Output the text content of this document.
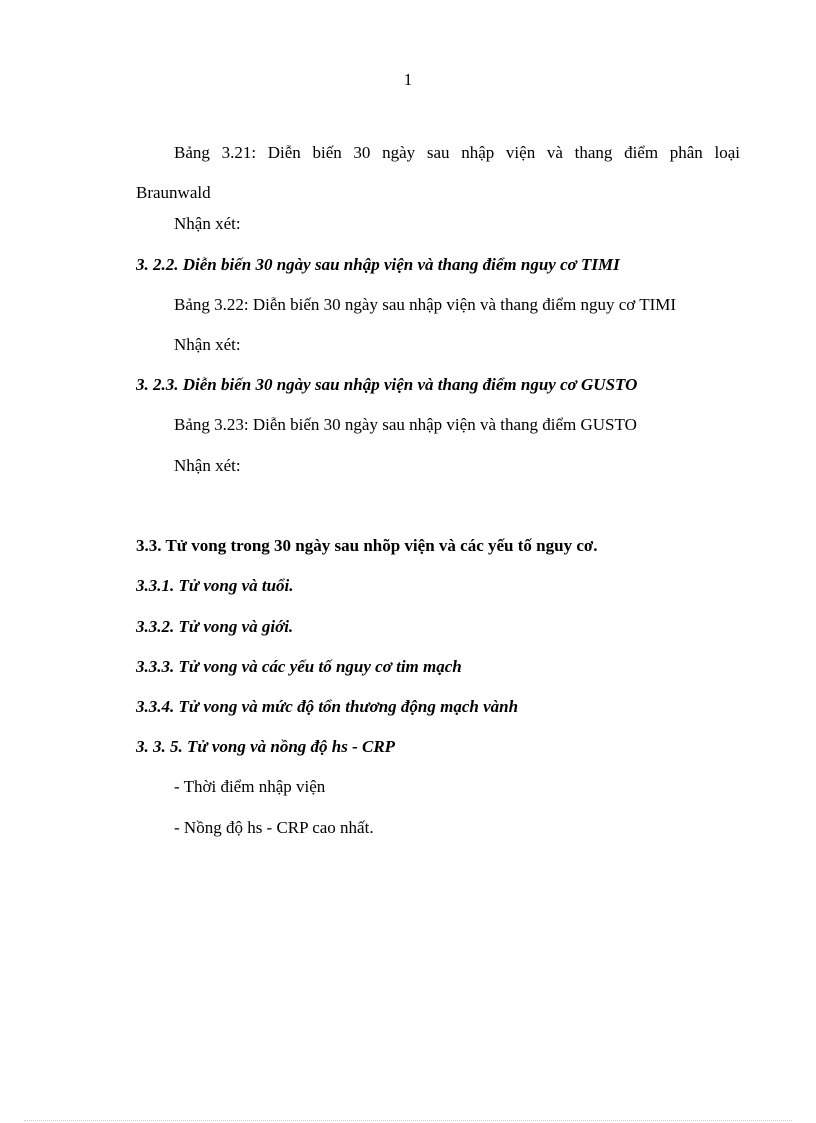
1
Bảng 3.21: Diễn biến 30 ngày sau nhập viện và thang điểm phân loại
Braunwald
Nhận xét:
3. 2.2. Diễn biến 30 ngày sau nhập viện và thang điểm nguy cơ TIMI
Bảng 3.22: Diễn biến 30 ngày sau nhập viện và thang điểm nguy cơ TIMI
Nhận xét:
3. 2.3. Diễn biến 30 ngày sau nhập viện và thang điểm nguy cơ GUSTO
Bảng 3.23: Diễn biến 30 ngày sau nhập viện và thang điểm GUSTO
Nhận xét:
3.3. Tử vong trong 30 ngày sau nhõp viện và các yếu tố nguy cơ.
3.3.1. Tử vong và tuổi.
3.3.2. Tử vong và giới.
3.3.3. Tử vong và các yếu tố nguy cơ tim mạch
3.3.4. Tử vong và mức độ tổn thương động mạch vành
3. 3. 5. Tử vong và nồng độ hs - CRP
- Thời điểm nhập viện
- Nồng độ hs - CRP cao nhất.
